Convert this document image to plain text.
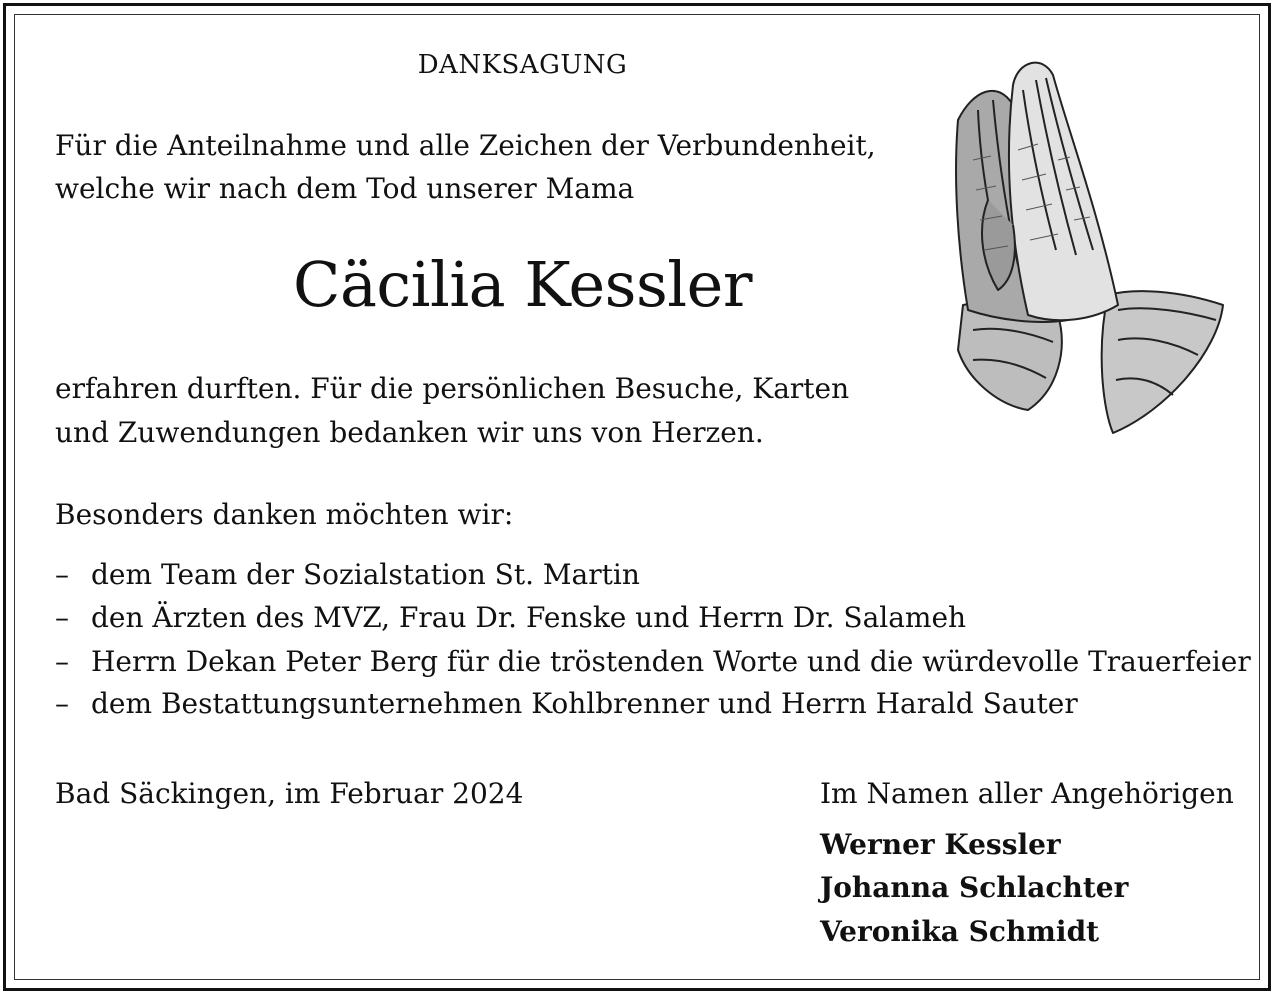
DANKSAGUNG
Für die Anteilnahme und alle Zeichen der Verbundenheit,
welche wir nach dem Tod unserer Mama
Cäcilia Kessler
erfahren durften. Für die persönlichen Besuche, Karten
und Zuwendungen bedanken wir uns von Herzen.
Besonders danken möchten wir:
– dem Team der Sozialstation St. Martin
– den Ärzten des MVZ, Frau Dr. Fenske und Herrn Dr. Salameh
– Herrn Dekan Peter Berg für die tröstenden Worte und die würdevolle Trauerfeier
– dem Bestattungsunternehmen Kohlbrenner und Herrn Harald Sauter
Bad Säckingen, im Februar 2024	Im Namen aller Angehörigen
Werner Kessler
Johanna Schlachter
Veronika Schmidt
